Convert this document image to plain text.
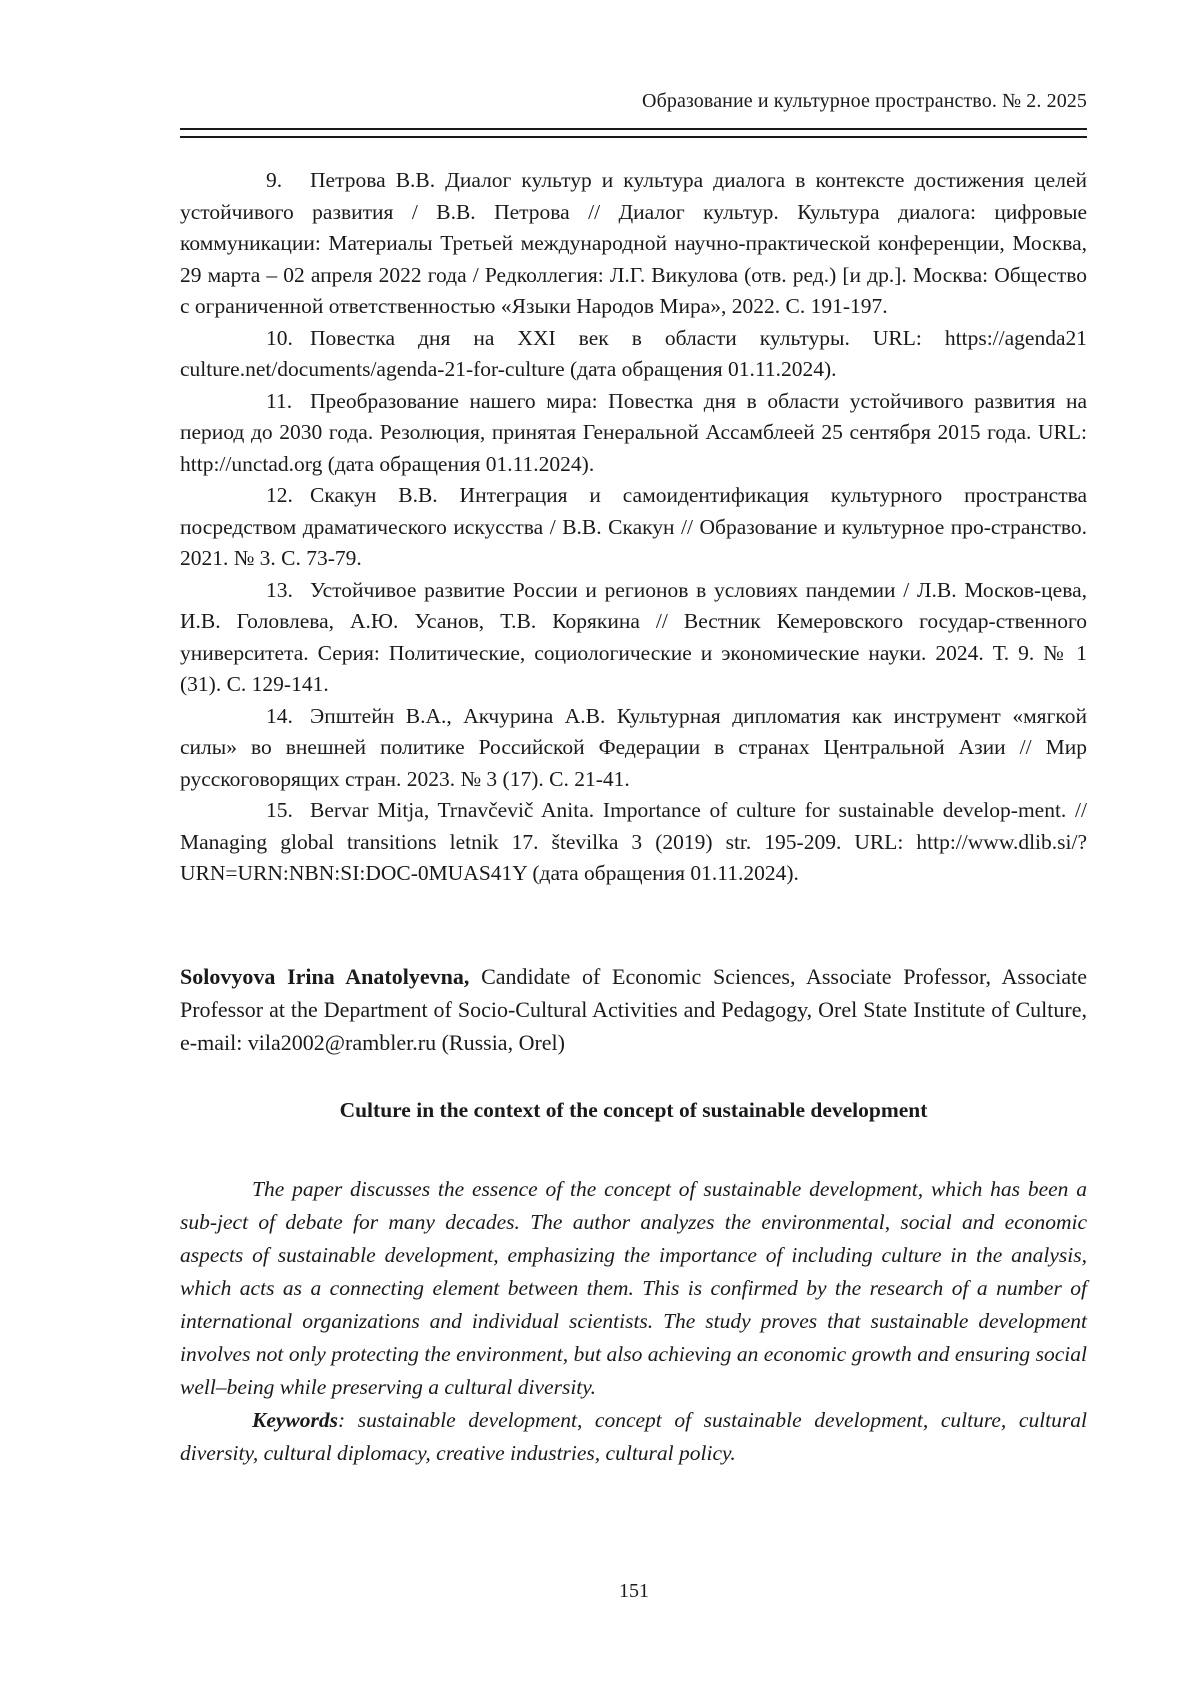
Образование и культурное пространство. № 2. 2025

9. Петрова В.В. Диалог культур и культура диалога в контексте достижения целей устойчивого развития / В.В. Петрова // Диалог культур. Культура диалога: цифровые коммуникации: Материалы Третьей международной научно-практической конференции, Москва, 29 марта – 02 апреля 2022 года / Редколлегия: Л.Г. Викулова (отв. ред.) [и др.]. Москва: Общество с ограниченной ответственностью «Языки Народов Мира», 2022. С. 191-197.

10. Повестка дня на XXI век в области культуры. URL: https://agenda21 culture.net/documents/agenda-21-for-culture (дата обращения 01.11.2024).

11. Преобразование нашего мира: Повестка дня в области устойчивого развития на период до 2030 года. Резолюция, принятая Генеральной Ассамблеей 25 сентября 2015 года. URL: http://unctad.org (дата обращения 01.11.2024).

12. Скакун В.В. Интеграция и самоидентификация культурного пространства посредством драматического искусства / В.В. Скакун // Образование и культурное про-странство. 2021. № 3. С. 73-79.

13. Устойчивое развитие России и регионов в условиях пандемии / Л.В. Москов-цева, И.В. Головлева, А.Ю. Усанов, Т.В. Корякина // Вестник Кемеровского государ-ственного университета. Серия: Политические, социологические и экономические науки. 2024. Т. 9. № 1 (31). С. 129-141.

14. Эпштейн В.А., Акчурина А.В. Культурная дипломатия как инструмент «мягкой силы» во внешней политике Российской Федерации в странах Центральной Азии // Мир русскоговорящих стран. 2023. № 3 (17). С. 21-41.

15. Bervar Mitja, Trnavčevič Anita. Importance of culture for sustainable develop-ment. // Managing global transitions letnik 17. številka 3 (2019) str. 195-209. URL: http://www.dlib.si/?URN=URN:NBN:SI:DOC-0MUAS41Y (дата обращения 01.11.2024).

Solovyova Irina Anatolyevna, Candidate of Economic Sciences, Associate Professor, Associate Professor at the Department of Socio-Cultural Activities and Pedagogy, Orel State Institute of Culture, e-mail: vila2002@rambler.ru (Russia, Orel)
Culture in the context of the concept of sustainable development

The paper discusses the essence of the concept of sustainable development, which has been a sub-ject of debate for many decades. The author analyzes the environmental, social and economic aspects of sustainable development, emphasizing the importance of including culture in the analysis, which acts as a connecting element between them. This is confirmed by the research of a number of international organizations and individual scientists. The study proves that sustainable development involves not only protecting the environment, but also achieving an economic growth and ensuring social well–being while preserving a cultural diversity.

Keywords: sustainable development, concept of sustainable development, culture, cultural diversity, cultural diplomacy, creative industries, cultural policy.

151
